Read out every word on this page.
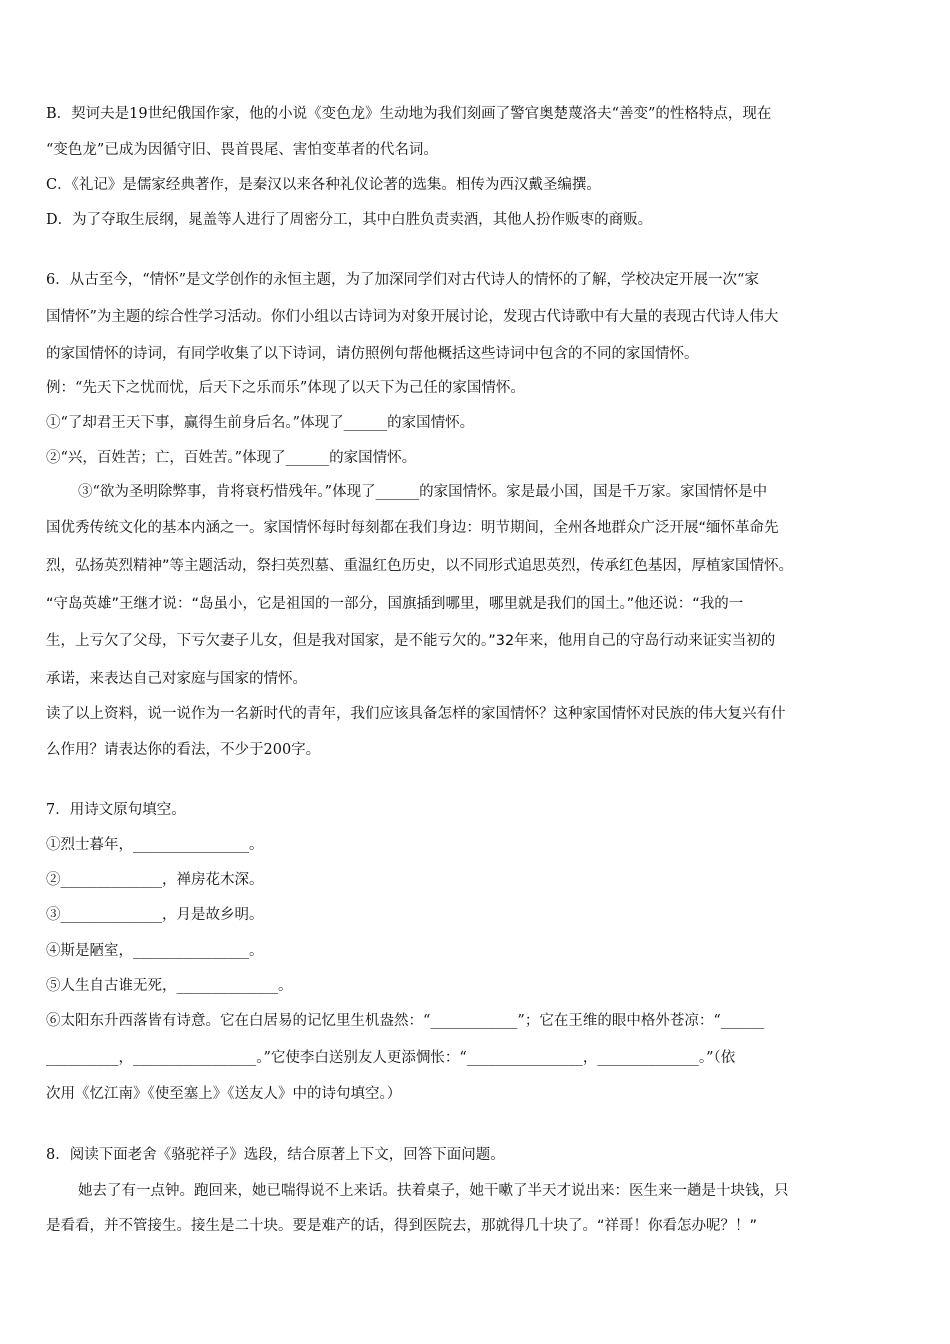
B．契诃夫是19世纪俄国作家，他的小说《变色龙》生动地为我们刻画了警官奥楚蔑洛夫“善变”的性格特点，现在
“变色龙”已成为因循守旧、畏首畏尾、害怕变革者的代名词。
C．《礼记》是儒家经典著作，是秦汉以来各种礼仪论著的选集。相传为西汉戴圣编撰。
D．为了夺取生辰纲，晁盖等人进行了周密分工，其中白胜负责卖酒，其他人扮作贩枣的商贩。
6．从古至今，“情怀”是文学创作的永恒主题，为了加深同学们对古代诗人的情怀的了解，学校决定开展一次“家
国情怀”为主题的综合性学习活动。你们小组以古诗词为对象开展讨论，发现古代诗歌中有大量的表现古代诗人伟大
的家国情怀的诗词，有同学收集了以下诗词，请仿照例句帮他概括这些诗词中包含的不同的家国情怀。
例：“先天下之忧而忧，后天下之乐而乐”体现了以天下为己任的家国情怀。
①“了却君王天下事，赢得生前身后名。”体现了______的家国情怀。
②“兴，百姓苦；亡，百姓苦。”体现了______的家国情怀。
③“欲为圣明除弊事，肯将衰朽惜残年。”体现了______的家国情怀。家是最小国，国是千万家。家国情怀是中
国优秀传统文化的基本内涵之一。家国情怀每时每刻都在我们身边：明节期间，全州各地群众广泛开展“缅怀革命先
烈，弘扬英烈精神”等主题活动，祭扫英烈墓、重温红色历史，以不同形式追思英烈，传承红色基因，厚植家国情怀。
“守岛英雄”王继才说：“岛虽小，它是祖国的一部分，国旗插到哪里，哪里就是我们的国土。”他还说：“我的一
生，上亏欠了父母，下亏欠妻子儿女，但是我对国家，是不能亏欠的。”32年来，他用自己的守岛行动来证实当初的
承诺，来表达自己对家庭与国家的情怀。
读了以上资料，说一说作为一名新时代的青年，我们应该具备怎样的家国情怀？这种家国情怀对民族的伟大复兴有什
么作用？请表达你的看法，不少于200字。
7．用诗文原句填空。
①烈士暮年，________________。
②______________，禅房花木深。
③______________，月是故乡明。
④斯是陋室，________________。
⑤人生自古谁无死，______________。
⑥太阳东升西落皆有诗意。它在白居易的记忆里生机盎然：“____________”；它在王维的眼中格外苍凉：“______
__________，_________________。”它使李白送别友人更添惆怅：“________________，______________。”（依
次用《忆江南》《使至塞上》《送友人》中的诗句填空。）
8．阅读下面老舍《骆驼祥子》选段，结合原著上下文，回答下面问题。
她去了有一点钟。跑回来，她已喘得说不上来话。扶着桌子，她干嗽了半天才说出来：医生来一趟是十块钱，只
是看看，并不管接生。接生是二十块。要是难产的话，得到医院去，那就得几十块了。“祥哥！你看怎办呢？！”
